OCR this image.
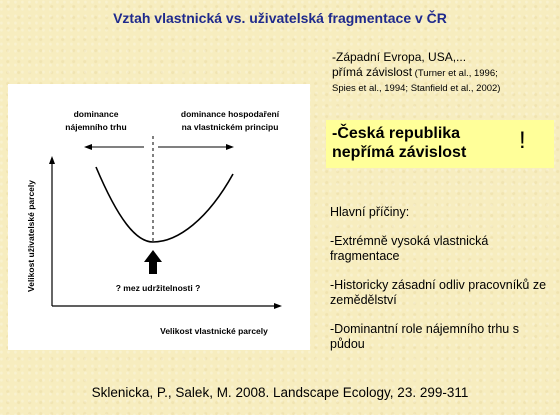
Vztah vlastnická vs. uživatelská fragmentace v ČR
dominance
nájemního trhu
dominance hospodaření
na vlastnickém principu
Velikost uživatelské parcely
Velikost vlastnické parcely
? mez udržitelnosti ?
-Západní Evropa, USA,...
přímá závislost (Turner et al., 1996;
Spies et al., 1994; Stanfield et al., 2002)
-Česká republika
nepřímá závislost	!
Hlavní příčiny:
-Extrémně vysoká vlastnická fragmentace
-Historicky zásadní odliv pracovníků ze zemědělství
-Dominantní role nájemního trhu s půdou
Sklenicka, P., Salek, M. 2008. Landscape Ecology, 23. 299-311
